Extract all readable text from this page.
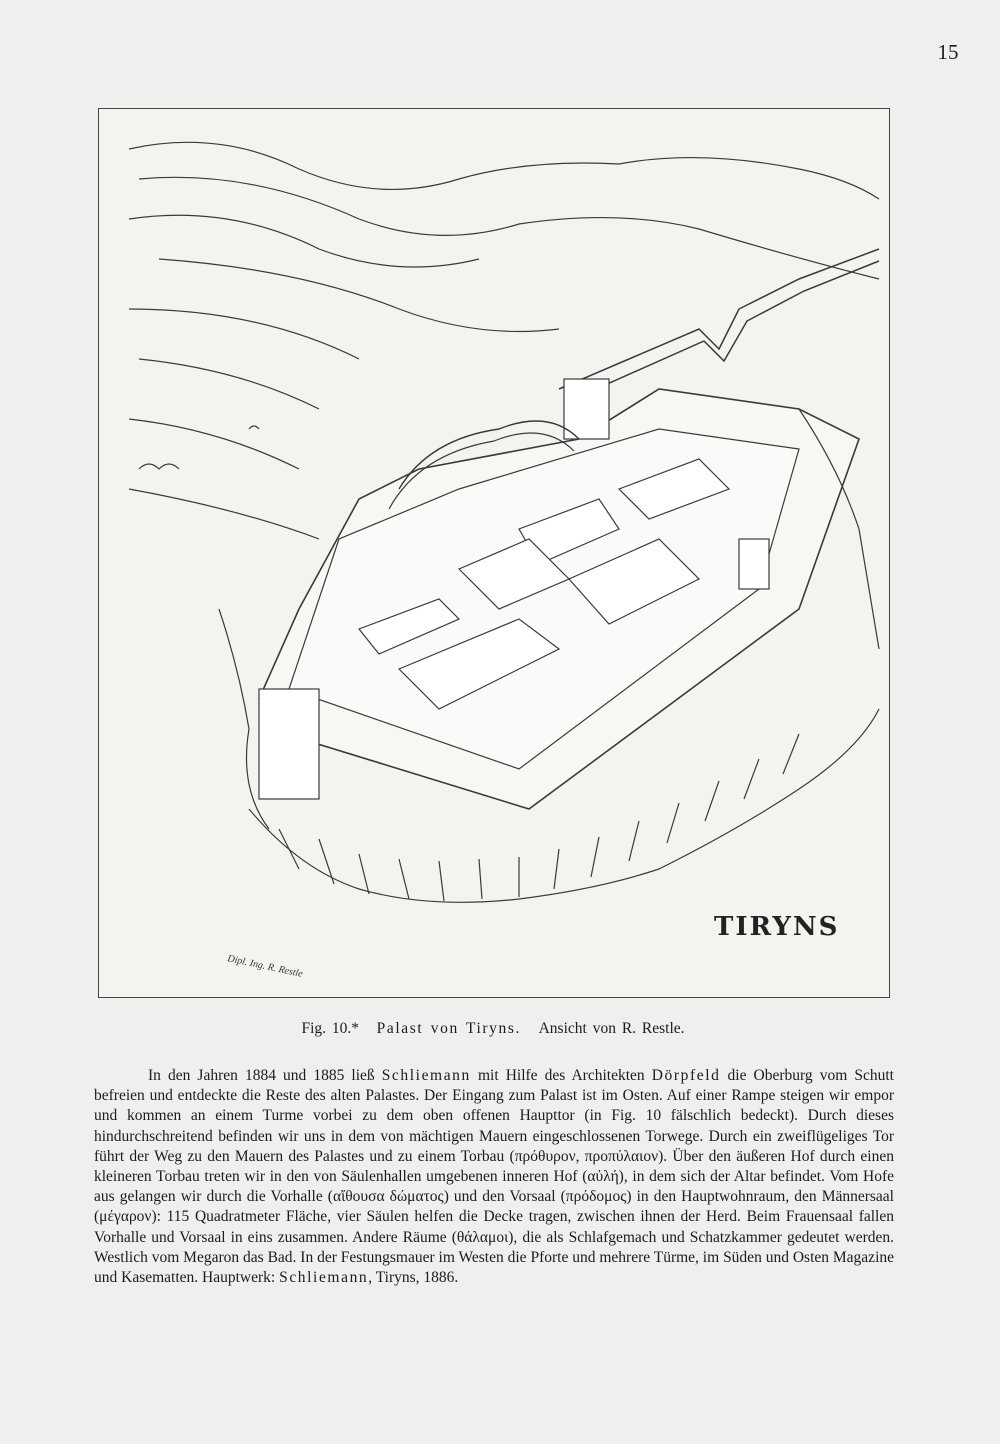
15
TIRYNS
Dipl. Ing. R. Restle
Fig. 10.* Palast von Tiryns. Ansicht von R. Restle.

In den Jahren 1884 und 1885 ließ Schliemann mit Hilfe des Architekten Dörpfeld die Oberburg vom Schutt befreien und entdeckte die Reste des alten Palastes. Der Eingang zum Palast ist im Osten. Auf einer Rampe steigen wir empor und kommen an einem Turme vorbei zu dem oben offenen Haupttor (in Fig. 10 fälschlich bedeckt). Durch dieses hindurchschreitend befinden wir uns in dem von mächtigen Mauern eingeschlossenen Torwege. Durch ein zweiflügeliges Tor führt der Weg zu den Mauern des Palastes und zu einem Torbau (πρόθυρον, προπύλαιον). Über den äußeren Hof durch einen kleineren Torbau treten wir in den von Säulenhallen umgebenen inneren Hof (αὐλή), in dem sich der Altar befindet. Vom Hofe aus gelangen wir durch die Vorhalle (αἴθουσα δώματος) und den Vorsaal (πρόδομος) in den Hauptwohnraum, den Männersaal (μέγαρον): 115 Quadratmeter Fläche, vier Säulen helfen die Decke tragen, zwischen ihnen der Herd. Beim Frauensaal fallen Vorhalle und Vorsaal in eins zusammen. Andere Räume (θάλαμοι), die als Schlafgemach und Schatzkammer gedeutet werden. Westlich vom Megaron das Bad. In der Festungsmauer im Westen die Pforte und mehrere Türme, im Süden und Osten Magazine und Kasematten. Hauptwerk: Schliemann, Tiryns, 1886.
